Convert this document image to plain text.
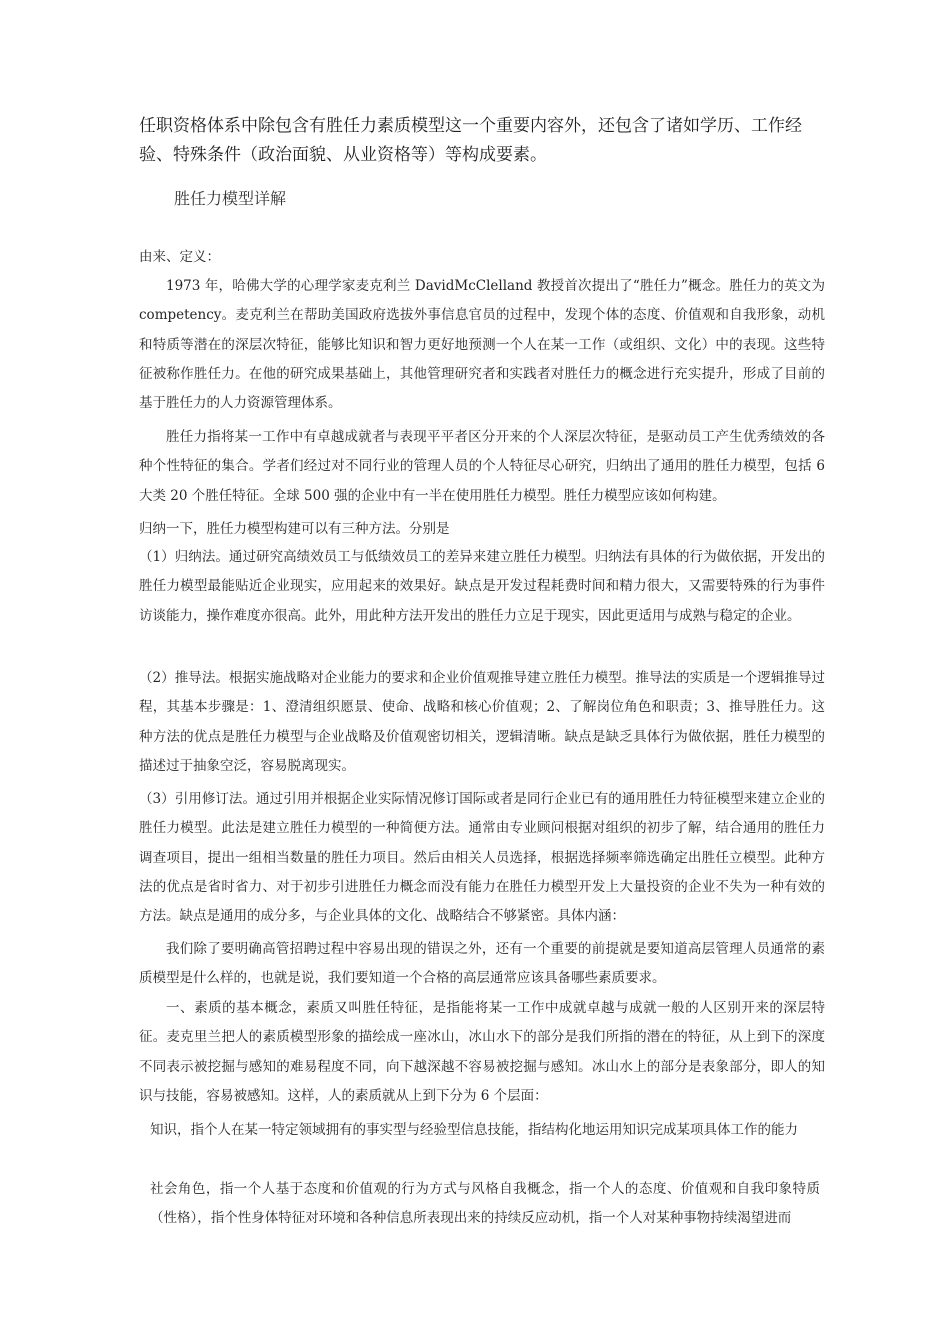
任职资格体系中除包含有胜任力素质模型这一个重要内容外，还包含了诸如学历、工作经验、特殊条件（政治面貌、从业资格等）等构成要素。

胜任力模型详解
由来、定义：

1973 年，哈佛大学的心理学家麦克利兰 DavidMcClelland 教授首次提出了“胜任力”概念。胜任力的英文为 competency。麦克利兰在帮助美国政府选拔外事信息官员的过程中，发现个体的态度、价值观和自我形象，动机和特质等潜在的深层次特征，能够比知识和智力更好地预测一个人在某一工作（或组织、文化）中的表现。这些特征被称作胜任力。在他的研究成果基础上，其他管理研究者和实践者对胜任力的概念进行充实提升，形成了目前的基于胜任力的人力资源管理体系。

胜任力指将某一工作中有卓越成就者与表现平平者区分开来的个人深层次特征，是驱动员工产生优秀绩效的各种个性特征的集合。学者们经过对不同行业的管理人员的个人特征尽心研究，归纳出了通用的胜任力模型，包括 6 大类 20 个胜任特征。全球 500 强的企业中有一半在使用胜任力模型。胜任力模型应该如何构建。

归纳一下，胜任力模型构建可以有三种方法。分别是

（1）归纳法。通过研究高绩效员工与低绩效员工的差异来建立胜任力模型。归纳法有具体的行为做依据，开发出的胜任力模型最能贴近企业现实，应用起来的效果好。缺点是开发过程耗费时间和精力很大，又需要特殊的行为事件访谈能力，操作难度亦很高。此外，用此种方法开发出的胜任力立足于现实，因此更适用与成熟与稳定的企业。

（2）推导法。根据实施战略对企业能力的要求和企业价值观推导建立胜任力模型。推导法的实质是一个逻辑推导过程，其基本步骤是：1、澄清组织愿景、使命、战略和核心价值观；2、了解岗位角色和职责；3、推导胜任力。这种方法的优点是胜任力模型与企业战略及价值观密切相关，逻辑清晰。缺点是缺乏具体行为做依据，胜任力模型的描述过于抽象空泛，容易脱离现实。

（3）引用修订法。通过引用并根据企业实际情况修订国际或者是同行企业已有的通用胜任力特征模型来建立企业的胜任力模型。此法是建立胜任力模型的一种简便方法。通常由专业顾问根据对组织的初步了解，结合通用的胜任力调查项目，提出一组相当数量的胜任力项目。然后由相关人员选择，根据选择频率筛选确定出胜任立模型。此种方法的优点是省时省力、对于初步引进胜任力概念而没有能力在胜任力模型开发上大量投资的企业不失为一种有效的方法。缺点是通用的成分多，与企业具体的文化、战略结合不够紧密。具体内涵：

我们除了要明确高管招聘过程中容易出现的错误之外，还有一个重要的前提就是要知道高层管理人员通常的素质模型是什么样的，也就是说，我们要知道一个合格的高层通常应该具备哪些素质要求。

一、素质的基本概念，素质又叫胜任特征，是指能将某一工作中成就卓越与成就一般的人区别开来的深层特征。麦克里兰把人的素质模型形象的描绘成一座冰山，冰山水下的部分是我们所指的潜在的特征，从上到下的深度不同表示被挖掘与感知的难易程度不同，向下越深越不容易被挖掘与感知。冰山水上的部分是表象部分，即人的知识与技能，容易被感知。这样，人的素质就从上到下分为 6 个层面：

知识，指个人在某一特定领域拥有的事实型与经验型信息技能，指结构化地运用知识完成某项具体工作的能力

社会角色，指一个人基于态度和价值观的行为方式与风格自我概念，指一个人的态度、价值观和自我印象特质（性格），指个性身体特征对环境和各种信息所表现出来的持续反应动机，指一个人对某种事物持续渴望进而
